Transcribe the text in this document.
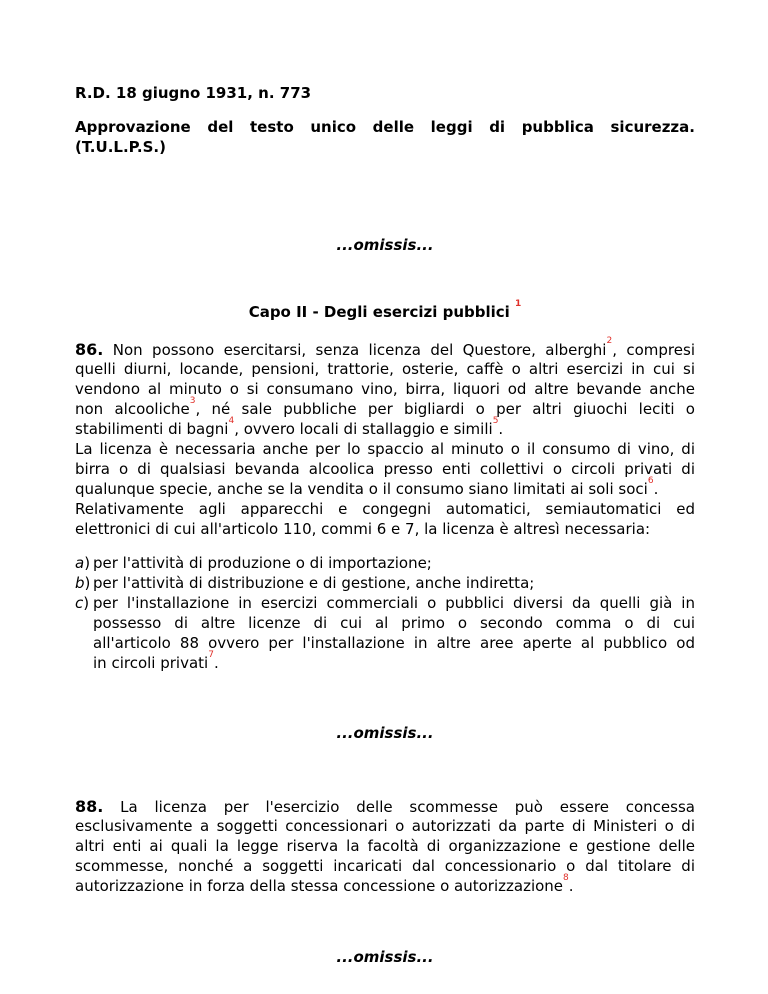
R.D. 18 giugno 1931, n. 773
Approvazione del testo unico delle leggi di pubblica sicurezza.
(T.U.L.P.S.)
...omissis...
Capo II - Degli esercizi pubblici $^1$
86. Non possono esercitarsi, senza licenza del Questore, alberghi$^2$, compresi
quelli diurni, locande, pensioni, trattorie, osterie, caffè o altri esercizi in cui si
vendono al minuto o si consumano vino, birra, liquori od altre bevande anche
non alcooliche$^3$, né sale pubbliche per bigliardi o per altri giuochi leciti o
stabilimenti di bagni$^4$, ovvero locali di stallaggio e simili$^5$.
La licenza è necessaria anche per lo spaccio al minuto o il consumo di vino, di
birra o di qualsiasi bevanda alcoolica presso enti collettivi o circoli privati di
qualunque specie, anche se la vendita o il consumo siano limitati ai soli soci$^6$.
Relativamente agli apparecchi e congegni automatici, semiautomatici ed
elettronici di cui all'articolo 110, commi 6 e 7, la licenza è altresì necessaria:
a) per l'attività di produzione o di importazione;
b) per l'attività di distribuzione e di gestione, anche indiretta;
c) per l'installazione in esercizi commerciali o pubblici diversi da quelli già in
possesso di altre licenze di cui al primo o secondo comma o di cui
all'articolo 88 ovvero per l'installazione in altre aree aperte al pubblico od
in circoli privati$^7$.
...omissis...
88. La licenza per l'esercizio delle scommesse può essere concessa
esclusivamente a soggetti concessionari o autorizzati da parte di Ministeri o di
altri enti ai quali la legge riserva la facoltà di organizzazione e gestione delle
scommesse, nonché a soggetti incaricati dal concessionario o dal titolare di
autorizzazione in forza della stessa concessione o autorizzazione$^8$.
...omissis...
